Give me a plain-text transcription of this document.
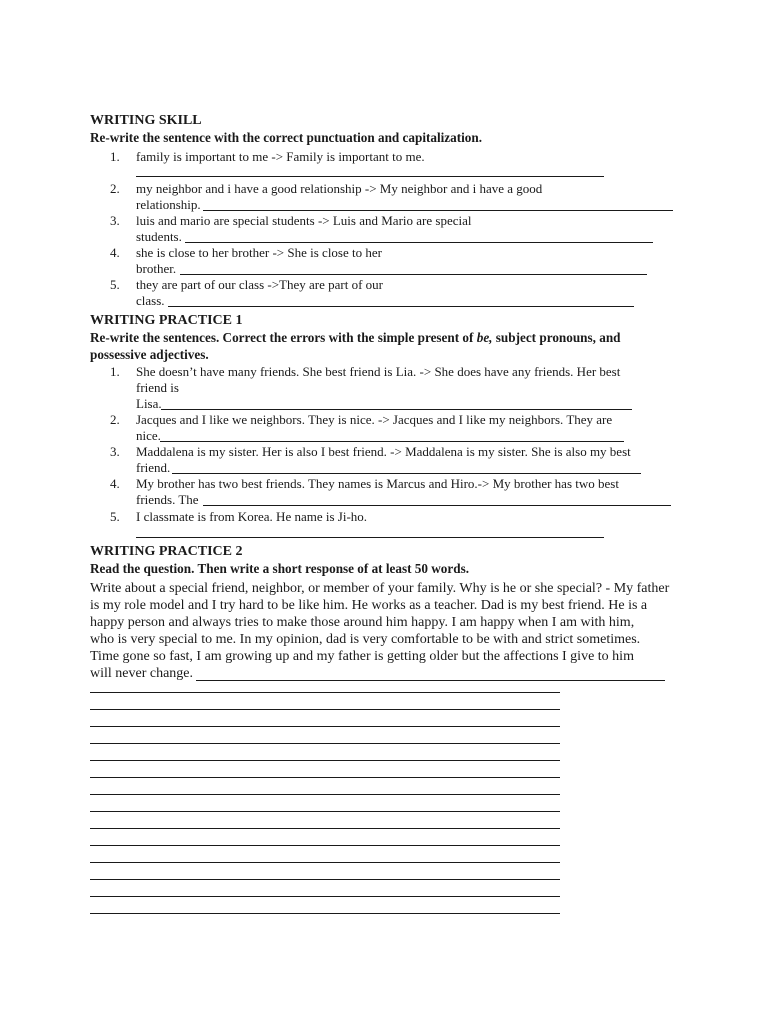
WRITING SKILL
Re-write the sentence with the correct punctuation and capitalization.
1. family is important to me -> Family is important to me.
2. my neighbor and i have a good relationship -> My neighbor and i have a good
relationship.
3. luis and mario are special students -> Luis and Mario are special
students.
4. she is close to her brother -> She is close to her
brother.
5. they are part of our class ->They are part of our
class.
WRITING PRACTICE 1
Re-write the sentences. Correct the errors with the simple present of be, subject pronouns, and
possessive adjectives.
1. She doesn’t have many friends. She best friend is Lia. -> She does have any friends. Her best
friend is
Lisa.
2. Jacques and I like we neighbors. They is nice. -> Jacques and I like my neighbors. They are
nice.
3. Maddalena is my sister. Her is also I best friend. -> Maddalena is my sister. She is also my best
friend.
4. My brother has two best friends. They names is Marcus and Hiro.-> My brother has two best
friends. The
5. I classmate is from Korea. He name is Ji-ho.
WRITING PRACTICE 2
Read the question. Then write a short response of at least 50 words.
Write about a special friend, neighbor, or member of your family. Why is he or she special? - My father
is my role model and I try hard to be like him. He works as a teacher. Dad is my best friend. He is a
happy person and always tries to make those around him happy. I am happy when I am with him,
who is very special to me. In my opinion, dad is very comfortable to be with and strict sometimes.
Time gone so fast, I am growing up and my father is getting older but the affections I give to him
will never change.
